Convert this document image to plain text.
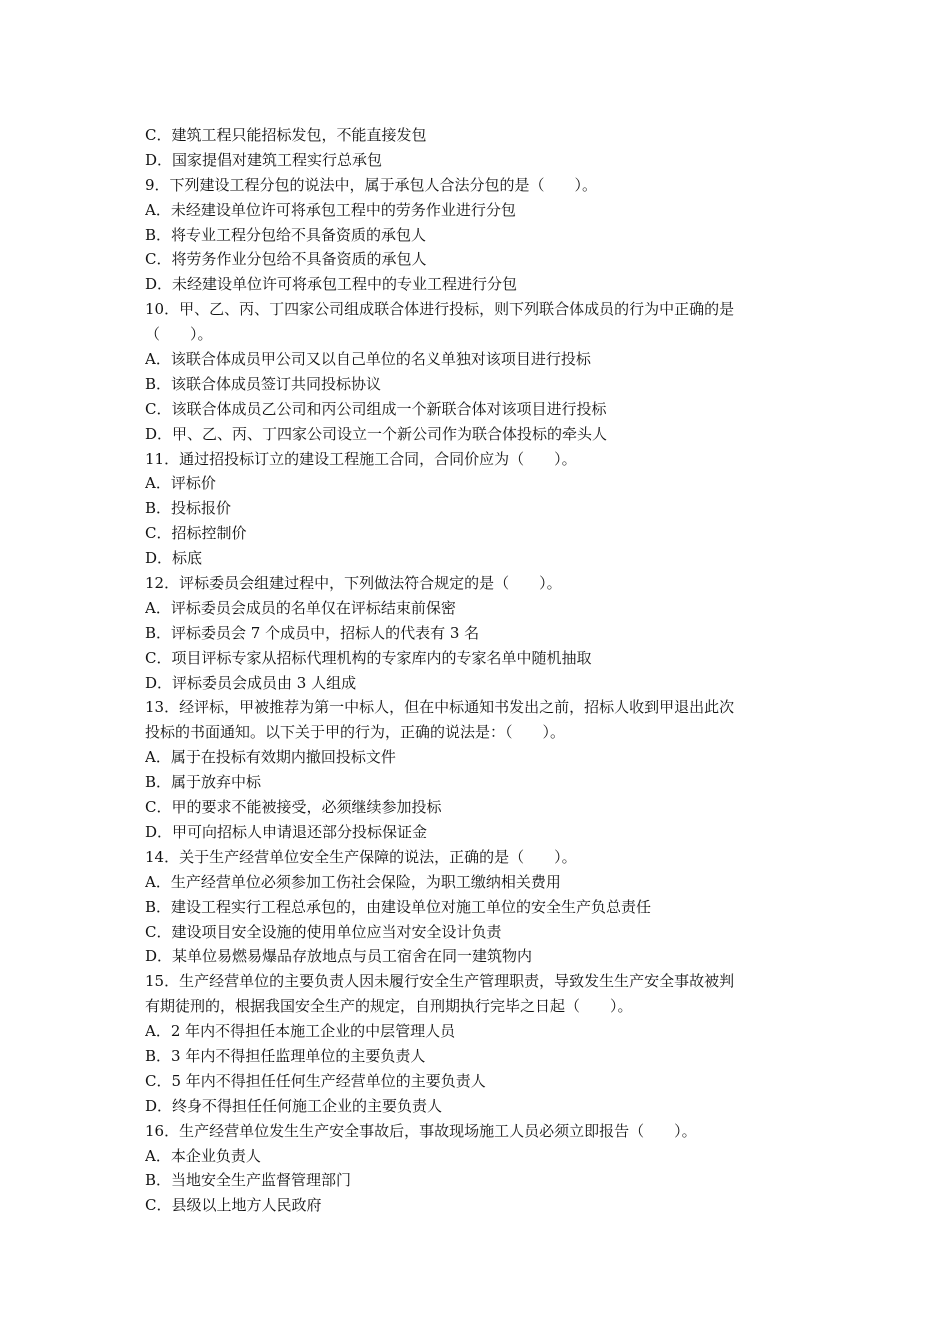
C．建筑工程只能招标发包，不能直接发包
D．国家提倡对建筑工程实行总承包
9．下列建设工程分包的说法中，属于承包人合法分包的是（　　）。
A．未经建设单位许可将承包工程中的劳务作业进行分包
B．将专业工程分包给不具备资质的承包人
C．将劳务作业分包给不具备资质的承包人
D．未经建设单位许可将承包工程中的专业工程进行分包
10．甲、乙、丙、丁四家公司组成联合体进行投标，则下列联合体成员的行为中正确的是
（　　）。
A．该联合体成员甲公司又以自己单位的名义单独对该项目进行投标
B．该联合体成员签订共同投标协议
C．该联合体成员乙公司和丙公司组成一个新联合体对该项目进行投标
D．甲、乙、丙、丁四家公司设立一个新公司作为联合体投标的牵头人
11．通过招投标订立的建设工程施工合同，合同价应为（　　）。
A．评标价
B．投标报价
C．招标控制价
D．标底
12．评标委员会组建过程中，下列做法符合规定的是（　　）。
A．评标委员会成员的名单仅在评标结束前保密
B．评标委员会 7 个成员中，招标人的代表有 3 名
C．项目评标专家从招标代理机构的专家库内的专家名单中随机抽取
D．评标委员会成员由 3 人组成
13．经评标，甲被推荐为第一中标人，但在中标通知书发出之前，招标人收到甲退出此次
投标的书面通知。以下关于甲的行为，正确的说法是：（　　）。
A．属于在投标有效期内撤回投标文件
B．属于放弃中标
C．甲的要求不能被接受，必须继续参加投标
D．甲可向招标人申请退还部分投标保证金
14．关于生产经营单位安全生产保障的说法，正确的是（　　）。
A．生产经营单位必须参加工伤社会保险，为职工缴纳相关费用
B．建设工程实行工程总承包的，由建设单位对施工单位的安全生产负总责任
C．建设项目安全设施的使用单位应当对安全设计负责
D．某单位易燃易爆品存放地点与员工宿舍在同一建筑物内
15．生产经营单位的主要负责人因未履行安全生产管理职责，导致发生生产安全事故被判
有期徒刑的，根据我国安全生产的规定，自刑期执行完毕之日起（　　）。
A．2 年内不得担任本施工企业的中层管理人员
B．3 年内不得担任监理单位的主要负责人
C．5 年内不得担任任何生产经营单位的主要负责人
D．终身不得担任任何施工企业的主要负责人
16．生产经营单位发生生产安全事故后，事故现场施工人员必须立即报告（　　）。
A．本企业负责人
B．当地安全生产监督管理部门
C．县级以上地方人民政府
